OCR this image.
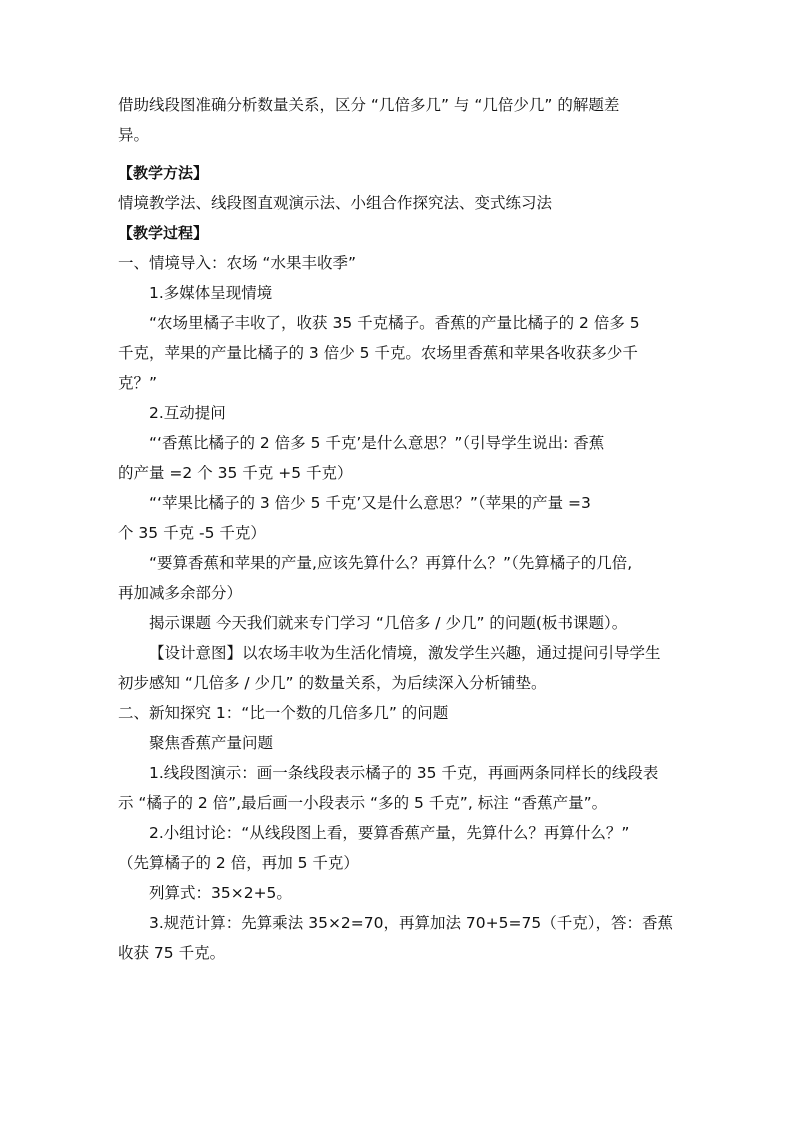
借助线段图准确分析数量关系，区分 “几倍多几” 与 “几倍少几” 的解题差
异。
【教学方法】
情境教学法、线段图直观演示法、小组合作探究法、变式练习法
【教学过程】
一、情境导入：农场 “水果丰收季”
1.多媒体呈现情境
“农场里橘子丰收了，收获 35 千克橘子。香蕉的产量比橘子的 2 倍多 5
千克，苹果的产量比橘子的 3 倍少 5 千克。农场里香蕉和苹果各收获多少千
克？”
2.互动提问
“‘香蕉比橘子的 2 倍多 5 千克’是什么意思？”（引导学生说出: 香蕉
的产量 =2 个 35 千克 +5 千克）
“‘苹果比橘子的 3 倍少 5 千克’又是什么意思？”（苹果的产量 =3
个 35 千克 -5 千克）
“要算香蕉和苹果的产量,应该先算什么？再算什么？”（先算橘子的几倍,
再加减多余部分）
揭示课题 今天我们就来专门学习 “几倍多 / 少几” 的问题(板书课题）。
【设计意图】以农场丰收为生活化情境，激发学生兴趣，通过提问引导学生
初步感知 “几倍多 / 少几” 的数量关系，为后续深入分析铺垫。
二、新知探究 1：“比一个数的几倍多几” 的问题
聚焦香蕉产量问题
1.线段图演示：画一条线段表示橘子的 35 千克，再画两条同样长的线段表
示 “橘子的 2 倍”,最后画一小段表示 “多的 5 千克”, 标注 “香蕉产量”。
2.小组讨论：“从线段图上看，要算香蕉产量，先算什么？再算什么？”
（先算橘子的 2 倍，再加 5 千克）
列算式：35×2+5。
3.规范计算：先算乘法 35×2=70，再算加法 70+5=75（千克），答：香蕉
收获 75 千克。
